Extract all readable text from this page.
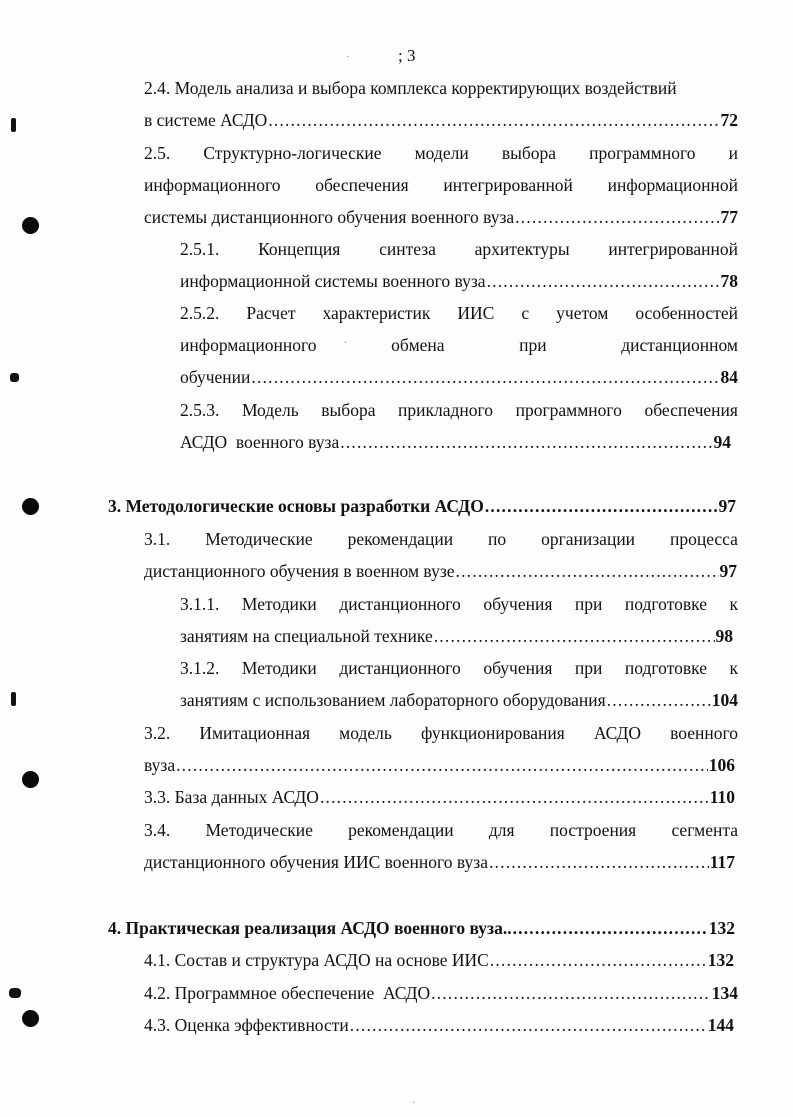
; 3
·
·
·
2.4. Модель анализа и выбора комплекса корректирующих воздействий
в системе АСДО .....	72
2.5. Структурно-логические модели выбора программного и
информационного обеспечения интегрированной информационной
системы дистанционного обучения военного вуза .....	77
2.5.1. Концепция синтеза архитектуры интегрированной
информационной системы военного вуза .....	78
2.5.2. Расчет характеристик ИИС с учетом особенностей
информационного	обмена	при	дистанционном
обучении .....	84
2.5.3. Модель выбора прикладного программного обеспечения
АСДО  военного вуза .....	94
3. Методологические основы разработки АСДО .....	97
3.1. Методические рекомендации по организации процесса
дистанционного обучения в военном вузе .....	97
3.1.1. Методики дистанционного обучения при подготовке к
занятиям на специальной технике .....	98
3.1.2. Методики дистанционного обучения при подготовке к
занятиям с использованием лабораторного оборудования .....	104
3.2. Имитационная модель функционирования АСДО военного
вуза .....	106
3.3. База данных АСДО .....	110
3.4. Методические рекомендации для построения сегмента
дистанционного обучения ИИС военного вуза .....	117
4. Практическая реализация АСДО военного вуза.. .....	132
4.1. Состав и структура АСДО на основе ИИС .....	132
4.2. Программное обеспечение  АСДО .....	134
4.3. Оценка эффективности .....	144
